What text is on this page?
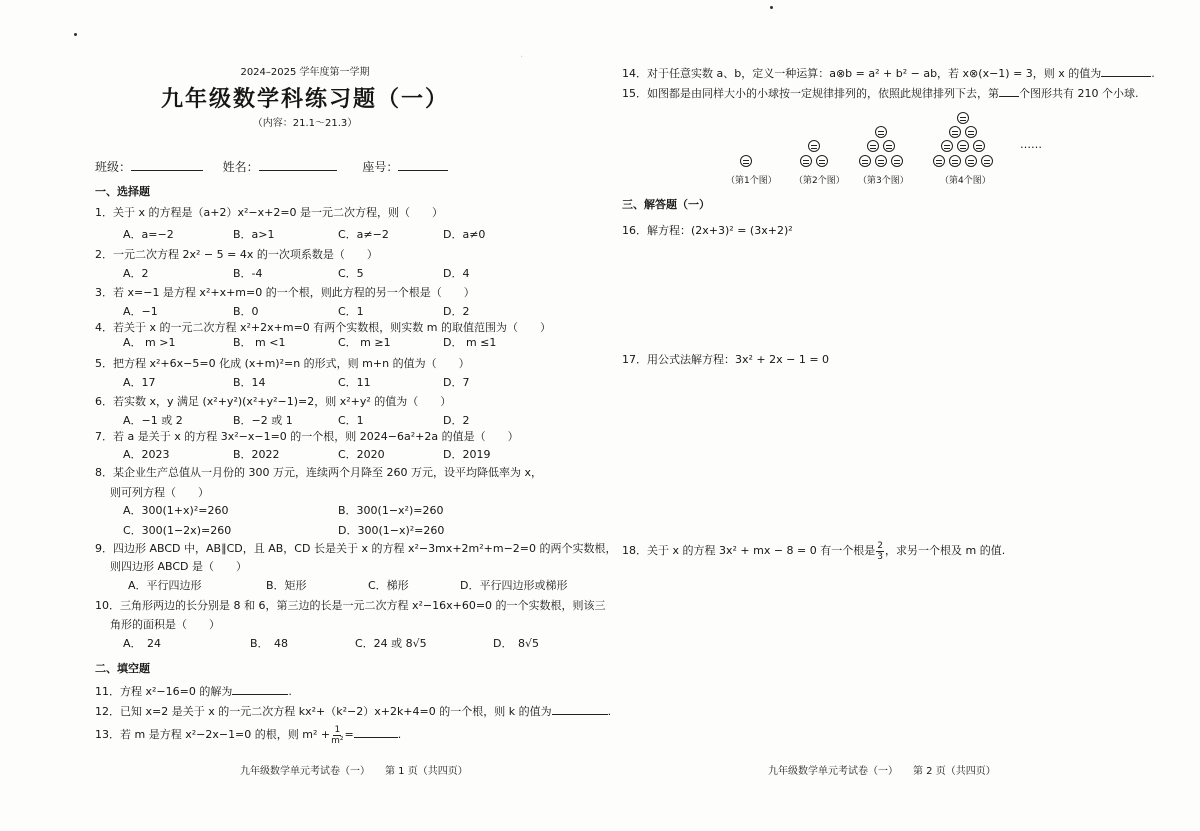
·
2024–2025 学年度第一学期
九年级数学科练习题（一）
（内容：21.1～21.3）
班级：	姓名：	座号：
一、选择题
1．关于 x 的方程是（a+2）x²−x+2=0 是一元二次方程，则（　　）
A．a=−2	B．a>1	C．a≠−2	D．a≠0
2．一元二次方程 2x² − 5 = 4x 的一次项系数是（　　）
A．2	B．-4	C．5	D．4
3．若 x=−1 是方程 x²+x+m=0 的一个根，则此方程的另一个根是（　　）
A．−1	B．0	C．1	D．2
4．若关于 x 的一元二次方程 x²+2x+m=0 有两个实数根，则实数 m 的取值范围为（　　）
A． m >1	B． m <1	C． m ≥1	D． m ≤1
5．把方程 x²+6x−5=0 化成 (x+m)²=n 的形式，则 m+n 的值为（　　）
A．17	B．14	C．11	D．7
6．若实数 x，y 满足 (x²+y²)(x²+y²−1)=2，则 x²+y² 的值为（　　）
A．−1 或 2	B．−2 或 1	C．1	D．2
7．若 a 是关于 x 的方程 3x²−x−1=0 的一个根，则 2024−6a²+2a 的值是（　　）
A．2023	B．2022	C．2020	D．2019
8．某企业生产总值从一月份的 300 万元，连续两个月降至 260 万元，设平均降低率为 x，
则可列方程（　　）
A．300(1+x)²=260	B．300(1−x²)=260
C．300(1−2x)=260	D．300(1−x)²=260
9．四边形 ABCD 中，AB∥CD，且 AB，CD 长是关于 x 的方程 x²−3mx+2m²+m−2=0 的两个实数根，
则四边形 ABCD 是（　　）
A．平行四边形	B．矩形	C．梯形	D．平行四边形或梯形
10．三角形两边的长分别是 8 和 6，第三边的长是一元二次方程 x²−16x+60=0 的一个实数根，则该三
角形的面积是（　　）
A．　24	B．　48	C．24 或 8√5	D．　8√5
二、填空题
11．方程 x²−16=0 的解为	.
12．已知 x=2 是关于 x 的一元二次方程 kx²+（k²−2）x+2k+4=0 的一个根，则 k 的值为	.
13．若 m 是方程 x²−2x−1=0 的根，则 $m^2 + \frac{1}{\text{m²}}$ =	.
九年级数学单元考试卷（一）　　第 1 页（共四页）
14．对于任意实数 a、b，定义一种运算：a⊗b = a² + b² − ab，若 x⊗(x−1) = 3，则 x 的值为	.
15．如图都是由同样大小的小球按一定规律排列的，依照此规律排列下去，第 个图形共有 210 个小球.
（第1个图） （第2个图） （第3个图）	（第4个图）
……
三、解答题（一）
16．解方程：(2x+3)² = (3x+2)²
17．用公式法解方程：3x² + 2x − 1 = 0
18．关于 x 的方程 3x² + mx − 8 = 0 有一个根是 $\frac{2}{3}$ ，求另一个根及 m 的值.
九年级数学单元考试卷（一）　　第 2 页（共四页）
